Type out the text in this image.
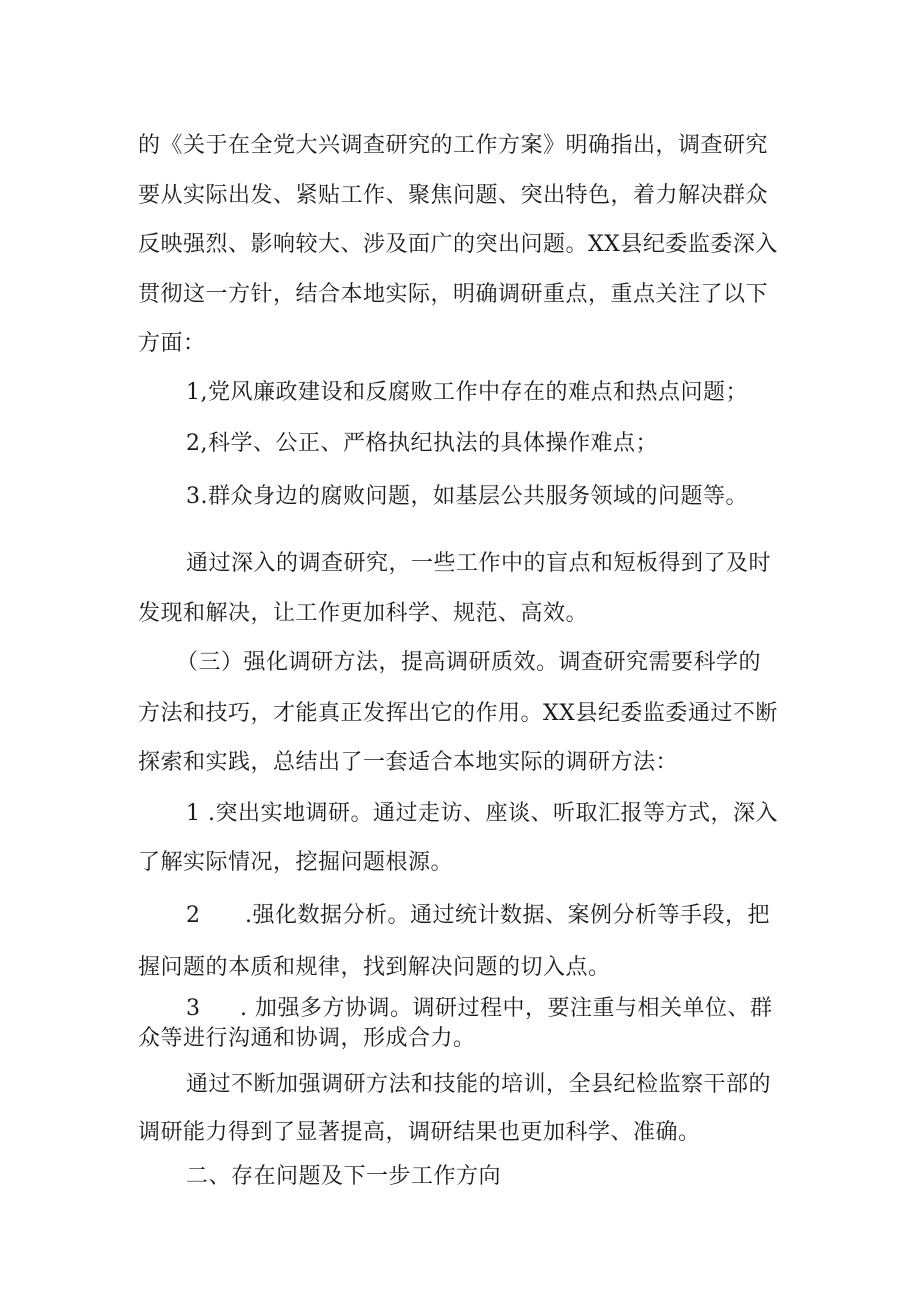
的《关于在全党大兴调查研究的工作方案》明确指出，调查研究
要从实际出发、紧贴工作、聚焦问题、突出特色，着力解决群众
反映强烈、影响较大、涉及面广的突出问题。XX县纪委监委深入
贯彻这一方针，结合本地实际，明确调研重点，重点关注了以下
方面：
1,党风廉政建设和反腐败工作中存在的难点和热点问题；
2,科学、公正、严格执纪执法的具体操作难点；
3.群众身边的腐败问题，如基层公共服务领域的问题等。
通过深入的调查研究，一些工作中的盲点和短板得到了及时
发现和解决，让工作更加科学、规范、高效。
（三）强化调研方法，提高调研质效。调查研究需要科学的
方法和技巧，才能真正发挥出它的作用。XX县纪委监委通过不断
探索和实践，总结出了一套适合本地实际的调研方法：
1 .突出实地调研。通过走访、座谈、听取汇报等方式，深入
了解实际情况，挖掘问题根源。
2 .强化数据分析。通过统计数据、案例分析等手段，把
握问题的本质和规律，找到解决问题的切入点。
3 . 加强多方协调。调研过程中，要注重与相关单位、群
众等进行沟通和协调，形成合力。
通过不断加强调研方法和技能的培训，全县纪检监察干部的
调研能力得到了显著提高，调研结果也更加科学、准确。
二、存在问题及下一步工作方向
